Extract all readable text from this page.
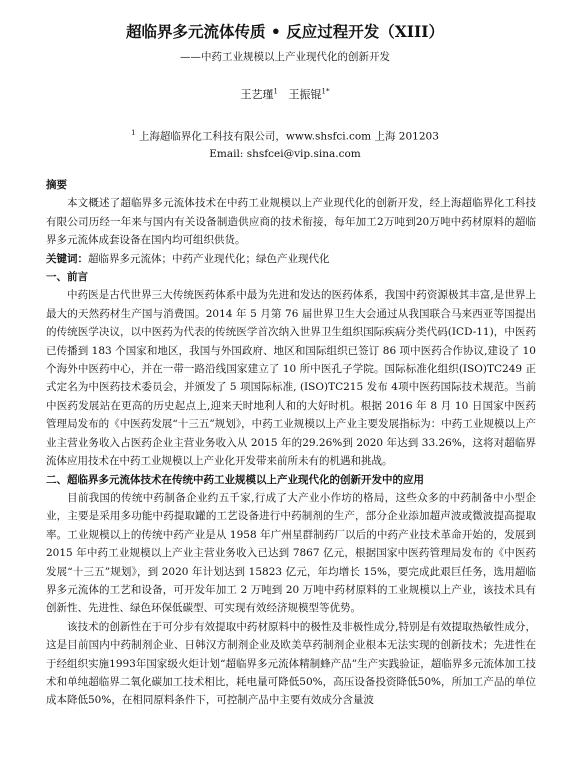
超临界多元流体传质 • 反应过程开发（XIII）
——中药工业规模以上产业现代化的创新开发
王艺瑾$^1$ 王振锟$^{1*}$
$^1$ 上海超临界化工科技有限公司，www.shsfci.com 上海 201203
Email: shsfcei@vip.sina.com
摘要

本文概述了超临界多元流体技术在中药工业规模以上产业现代化的创新开发，经上海超临界化工科技有限公司历经一年来与国内有关设备制造供应商的技术衔接，每年加工2万吨到20万吨中药材原料的超临界多元流体成套设备在国内均可组织供货。

关键词：超临界多元流体；中药产业现代化；绿色产业现代化

一、前言

中药医是古代世界三大传统医药体系中最为先进和发达的医药体系，我国中药资源极其丰富,是世界上最大的天然药材生产国与消费国。2014 年 5 月第 76 届世界卫生大会通过从我国联合马来西亚等国提出的传统医学决议，以中医药为代表的传统医学首次纳入世界卫生组织国际疾病分类代码(ICD-11)，中医药已传播到 183 个国家和地区，我国与外国政府、地区和国际组织已签订 86 项中医药合作协议,建设了 10 个海外中医药中心，并在一带一路沿线国家建立了 10 所中医孔子学院。国际标准化组织(ISO)TC249 正式定名为中医药技术委员会，并颁发了 5 项国际标准, (ISO)TC215 发布 4项中医药国际技术规范。当前中医药发展站在更高的历史起点上,迎来天时地利人和的大好时机。根据 2016 年 8 月 10 日国家中医药管理局发布的《中医药发展“十三五”规划》，中药工业规模以上产业主要发展指标为：中药工业规模以上产业主营业务收入占医药企业主营业务收入从 2015 年的29.26%到 2020 年达到 33.26%，这将对超临界流体应用技术在中药工业规模以上产业化开发带来前所未有的机遇和挑战。

二、超临界多元流体技术在传统中药工业规模以上产业现代化的创新开发中的应用

目前我国的传统中药制备企业约五千家,行成了大产业小作坊的格局，这些众多的中药制备中小型企业，主要是采用多功能中药提取罐的工艺设备进行中药制剂的生产，部分企业添加超声波或微波提高提取率。工业规模以上的传统中药产业是从 1958 年广州星群制药厂以后的中药产业技术革命开始的，发展到 2015 年中药工业规模以上产业主营业务收入已达到 7867 亿元，根据国家中医药管理局发布的《中医药发展“十三五”规划》，到 2020 年计划达到 15823 亿元，年均增长 15%，要完成此艰巨任务，选用超临界多元流体的工艺和设备，可开发年加工 2 万吨到 20 万吨中药材原料的工业规模以上产业，该技术具有创新性、先进性、绿色环保低碳型、可实现有效经济规模型等优势。

该技术的创新性在于可分步有效提取中药材原料中的极性及非极性成分,特别是有效提取热敏性成分，这是目前国内中药制剂企业、日韩汉方制剂企业及欧美草药制剂企业根本无法实现的创新技术；先进性在于经组织实施1993年国家级火炬计划“超临界多元流体精制蜂产品”生产实践验证，超临界多元流体加工技术和单纯超临界二氧化碳加工技术相比，耗电量可降低50%，高压设备投资降低50%，所加工产品的单位成本降低50%，在相同原料条件下，可控制产品中主要有效成分含量波
